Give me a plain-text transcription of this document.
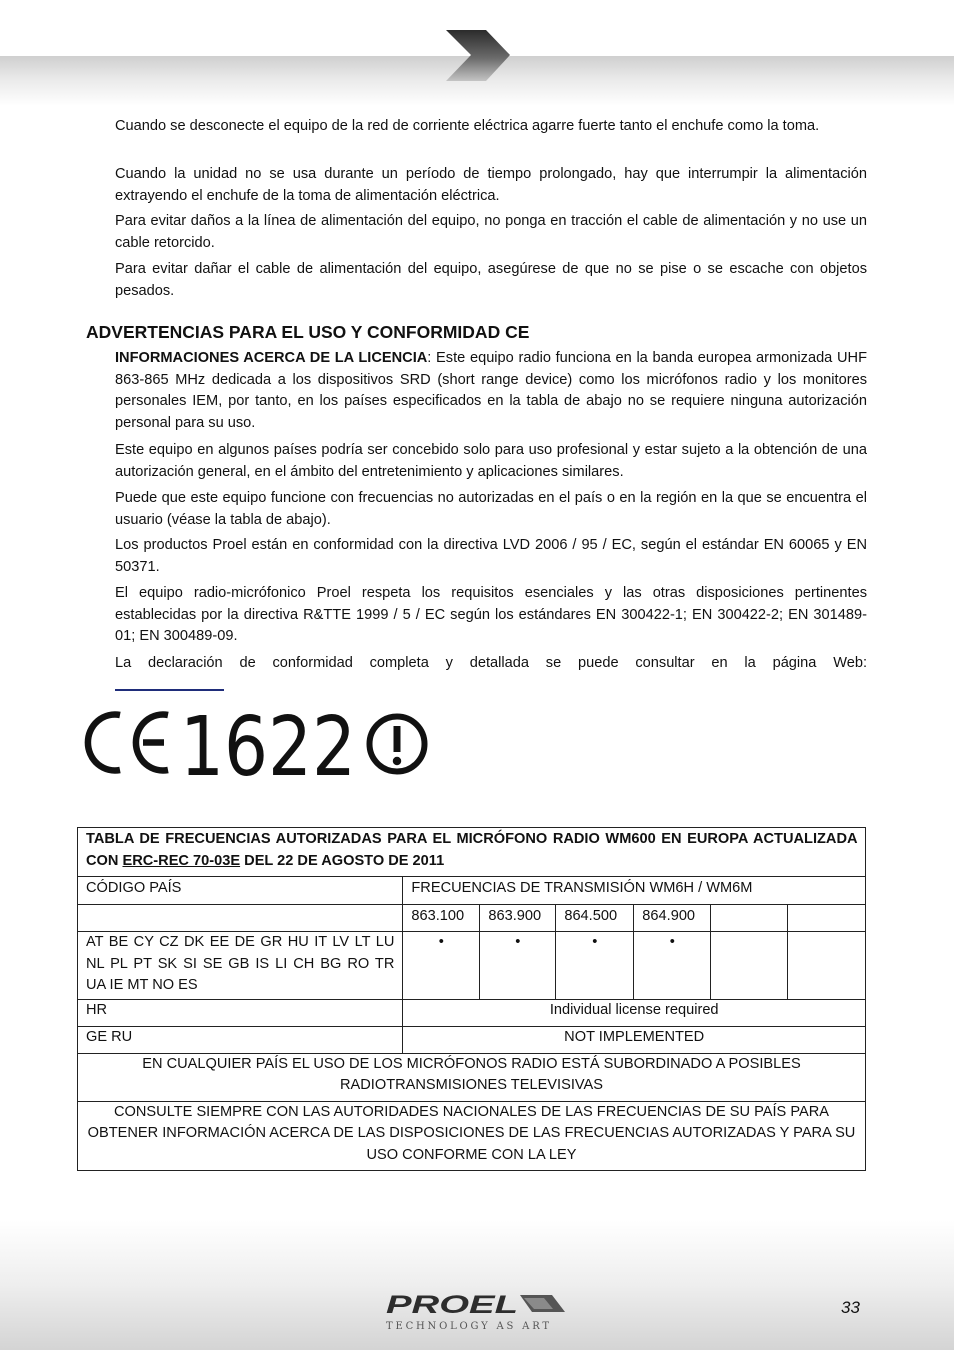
Cuando se desconecte el equipo de la red de corriente eléctrica agarre fuerte tanto el enchufe como la toma.

Cuando la unidad no se usa durante un período de tiempo prolongado, hay que interrumpir la alimentación extrayendo el enchufe de la toma de alimentación eléctrica.

Para evitar daños a la línea de alimentación del equipo, no ponga en tracción el cable de alimentación y no use un cable retorcido.

Para evitar dañar el cable de alimentación del equipo, asegúrese de que no se pise o se escache con objetos pesados.

ADVERTENCIAS PARA EL USO Y CONFORMIDAD CE

INFORMACIONES ACERCA DE LA LICENCIA: Este equipo radio funciona en la banda europea armonizada UHF 863-865 MHz dedicada a los dispositivos SRD (short range device) como los micrófonos radio y los monitores personales IEM, por tanto, en los países especificados en la tabla de abajo no se requiere ninguna autorización personal para su uso.

Este equipo en algunos países podría ser concebido solo para uso profesional y estar sujeto a la obtención de una autorización general, en el ámbito del entretenimiento y aplicaciones similares.

Puede que este equipo funcione con frecuencias no autorizadas en el país o en la región en la que se encuentra el usuario (véase la tabla de abajo).

Los productos Proel están en conformidad con la directiva LVD 2006 / 95 / EC, según el estándar EN 60065 y EN 50371.

El equipo radio-micrófonico Proel respeta los requisitos esenciales y las otras disposiciones pertinentes establecidas por la directiva R&TTE 1999 / 5 / EC según los estándares EN 300422-1; EN 300422-2; EN 301489-01; EN 300489-09.

La declaración de conformidad completa y detallada se puede consultar en la página Web:

1622
TABLA DE FRECUENCIAS AUTORIZADAS PARA EL MICRÓFONO RADIO WM600 EN EUROPA ACTUALIZADA CON ERC-REC 70-03E DEL 22 DE AGOSTO DE 2011						
CÓDIGO PAÍS	FRECUENCIAS DE TRANSMISIÓN WM6H / WM6M					
	863.100	863.900	864.500	864.900		
AT BE CY CZ DK EE DE GR HU IT LV LT LU NL PL PT SK SI SE GB IS LI CH BG RO TR UA IE MT NO ES	•	•	•	•		
HR	Individual license required					
GE RU	NOT IMPLEMENTED					
EN CUALQUIER PAÍS EL USO DE LOS MICRÓFONOS RADIO ESTÁ SUBORDINADO A POSIBLES RADIOTRANSMISIONES TELEVISIVAS						
CONSULTE SIEMPRE CON LAS AUTORIDADES NACIONALES DE LAS FRECUENCIAS DE SU PAÍS PARA OBTENER INFORMACIÓN ACERCA DE LAS DISPOSICIONES DE LAS FRECUENCIAS AUTORIZADAS Y PARA SU USO CONFORME CON LA LEY						
PROEL
TECHNOLOGY AS ART

33
